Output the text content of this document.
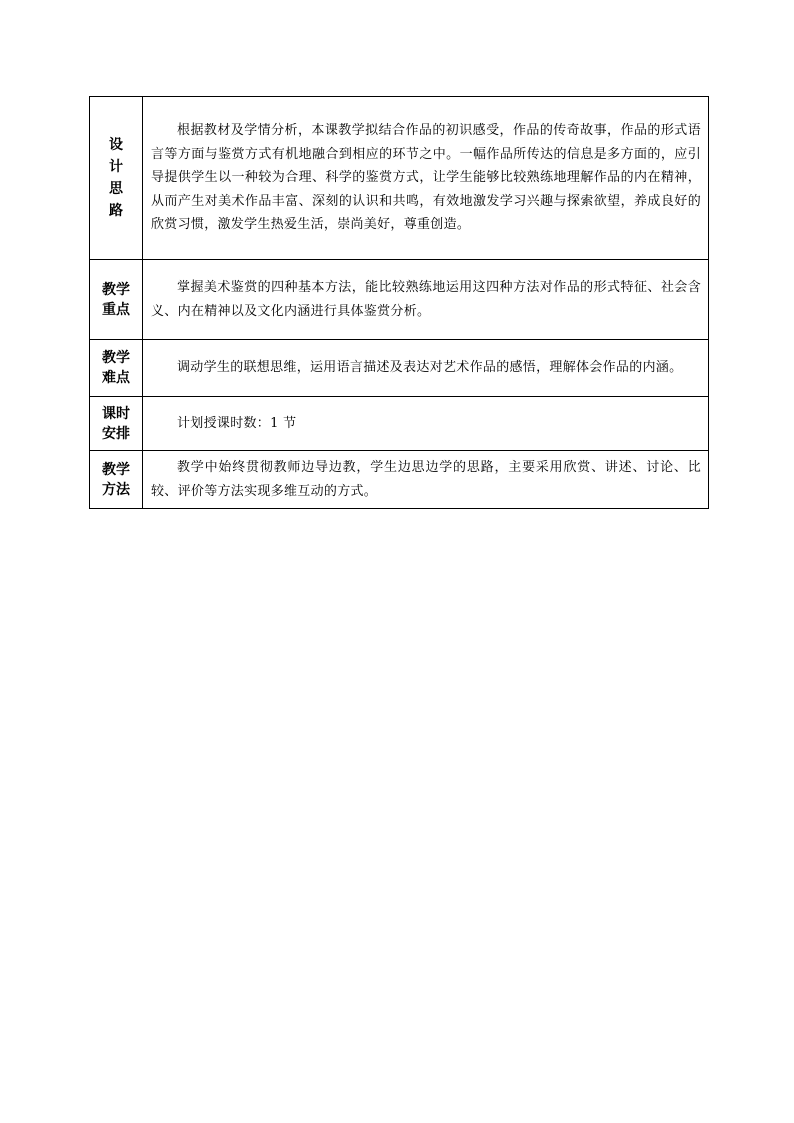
设
计
思
路	根据教材及学情分析，本课教学拟结合作品的初识感受，作品的传奇故事，作品的形式语言等方面与鉴赏方式有机地融合到相应的环节之中。一幅作品所传达的信息是多方面的，应引导提供学生以一种较为合理、科学的鉴赏方式，让学生能够比较熟练地理解作品的内在精神，从而产生对美术作品丰富、深刻的认识和共鸣，有效地激发学习兴趣与探索欲望，养成良好的欣赏习惯，激发学生热爱生活，崇尚美好，尊重创造。

教学
重点	掌握美术鉴赏的四种基本方法，能比较熟练地运用这四种方法对作品的形式特征、社会含义、内在精神以及文化内涵进行具体鉴赏分析。

教学
难点	调动学生的联想思维，运用语言描述及表达对艺术作品的感悟，理解体会作品的内涵。

课时
安排	计划授课时数：1 节

教学
方法	教学中始终贯彻教师边导边教，学生边思边学的思路，主要采用欣赏、讲述、讨论、比较、评价等方法实现多维互动的方式。
